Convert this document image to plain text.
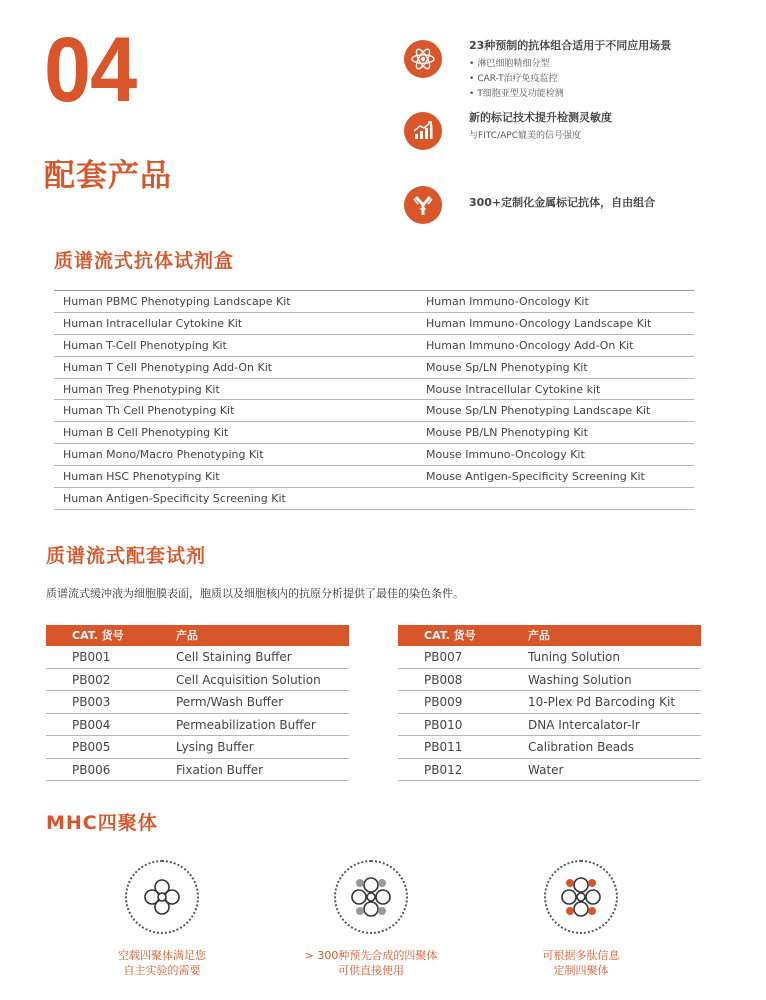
04
配套产品
23种预制的抗体组合适用于不同应用场景
• 淋巴细胞精细分型
• CAR-T治疗免疫监控
• T细胞亚型及功能检测
新的标记技术提升检测灵敏度
与FITC/APC媲美的信号强度
300+定制化金属标记抗体，自由组合
质谱流式抗体试剂盒
Human PBMC Phenotyping Landscape Kit	Human Immuno-Oncology Kit
Human Intracellular Cytokine Kit	Human Immuno-Oncology Landscape Kit
Human T-Cell Phenotyping Kit	Human Immuno-Oncology Add-On Kit
Human T Cell Phenotyping Add-On Kit	Mouse Sp/LN Phenotyping Kit
Human Treg Phenotyping Kit	Mouse Intracellular Cytokine kit
Human Th Cell Phenotyping Kit	Mouse Sp/LN Phenotyping Landscape Kit
Human B Cell Phenotyping Kit	Mouse PB/LN Phenotyping Kit
Human Mono/Macro Phenotyping Kit	Mouse Immuno-Oncology Kit
Human HSC Phenotyping Kit	Mouse Antigen-Specificity Screening Kit
Human Antigen-Specificity Screening Kit
质谱流式配套试剂
质谱流式缓冲液为细胞膜表面，胞质以及细胞核内的抗原分析提供了最佳的染色条件。
CAT. 货号	产品
PB001	Cell Staining Buffer
PB002	Cell Acquisition Solution
PB003	Perm/Wash Buffer
PB004	Permeabilization Buffer
PB005	Lysing Buffer
PB006	Fixation Buffer
CAT. 货号	产品
PB007	Tuning Solution
PB008	Washing Solution
PB009	10-Plex Pd Barcoding Kit
PB010	DNA Intercalator-Ir
PB011	Calibration Beads
PB012	Water
MHC四聚体
空载四聚体满足您
自主实验的需要
> 300种预先合成的四聚体
可供直接使用
可根据多肽信息
定制四聚体
